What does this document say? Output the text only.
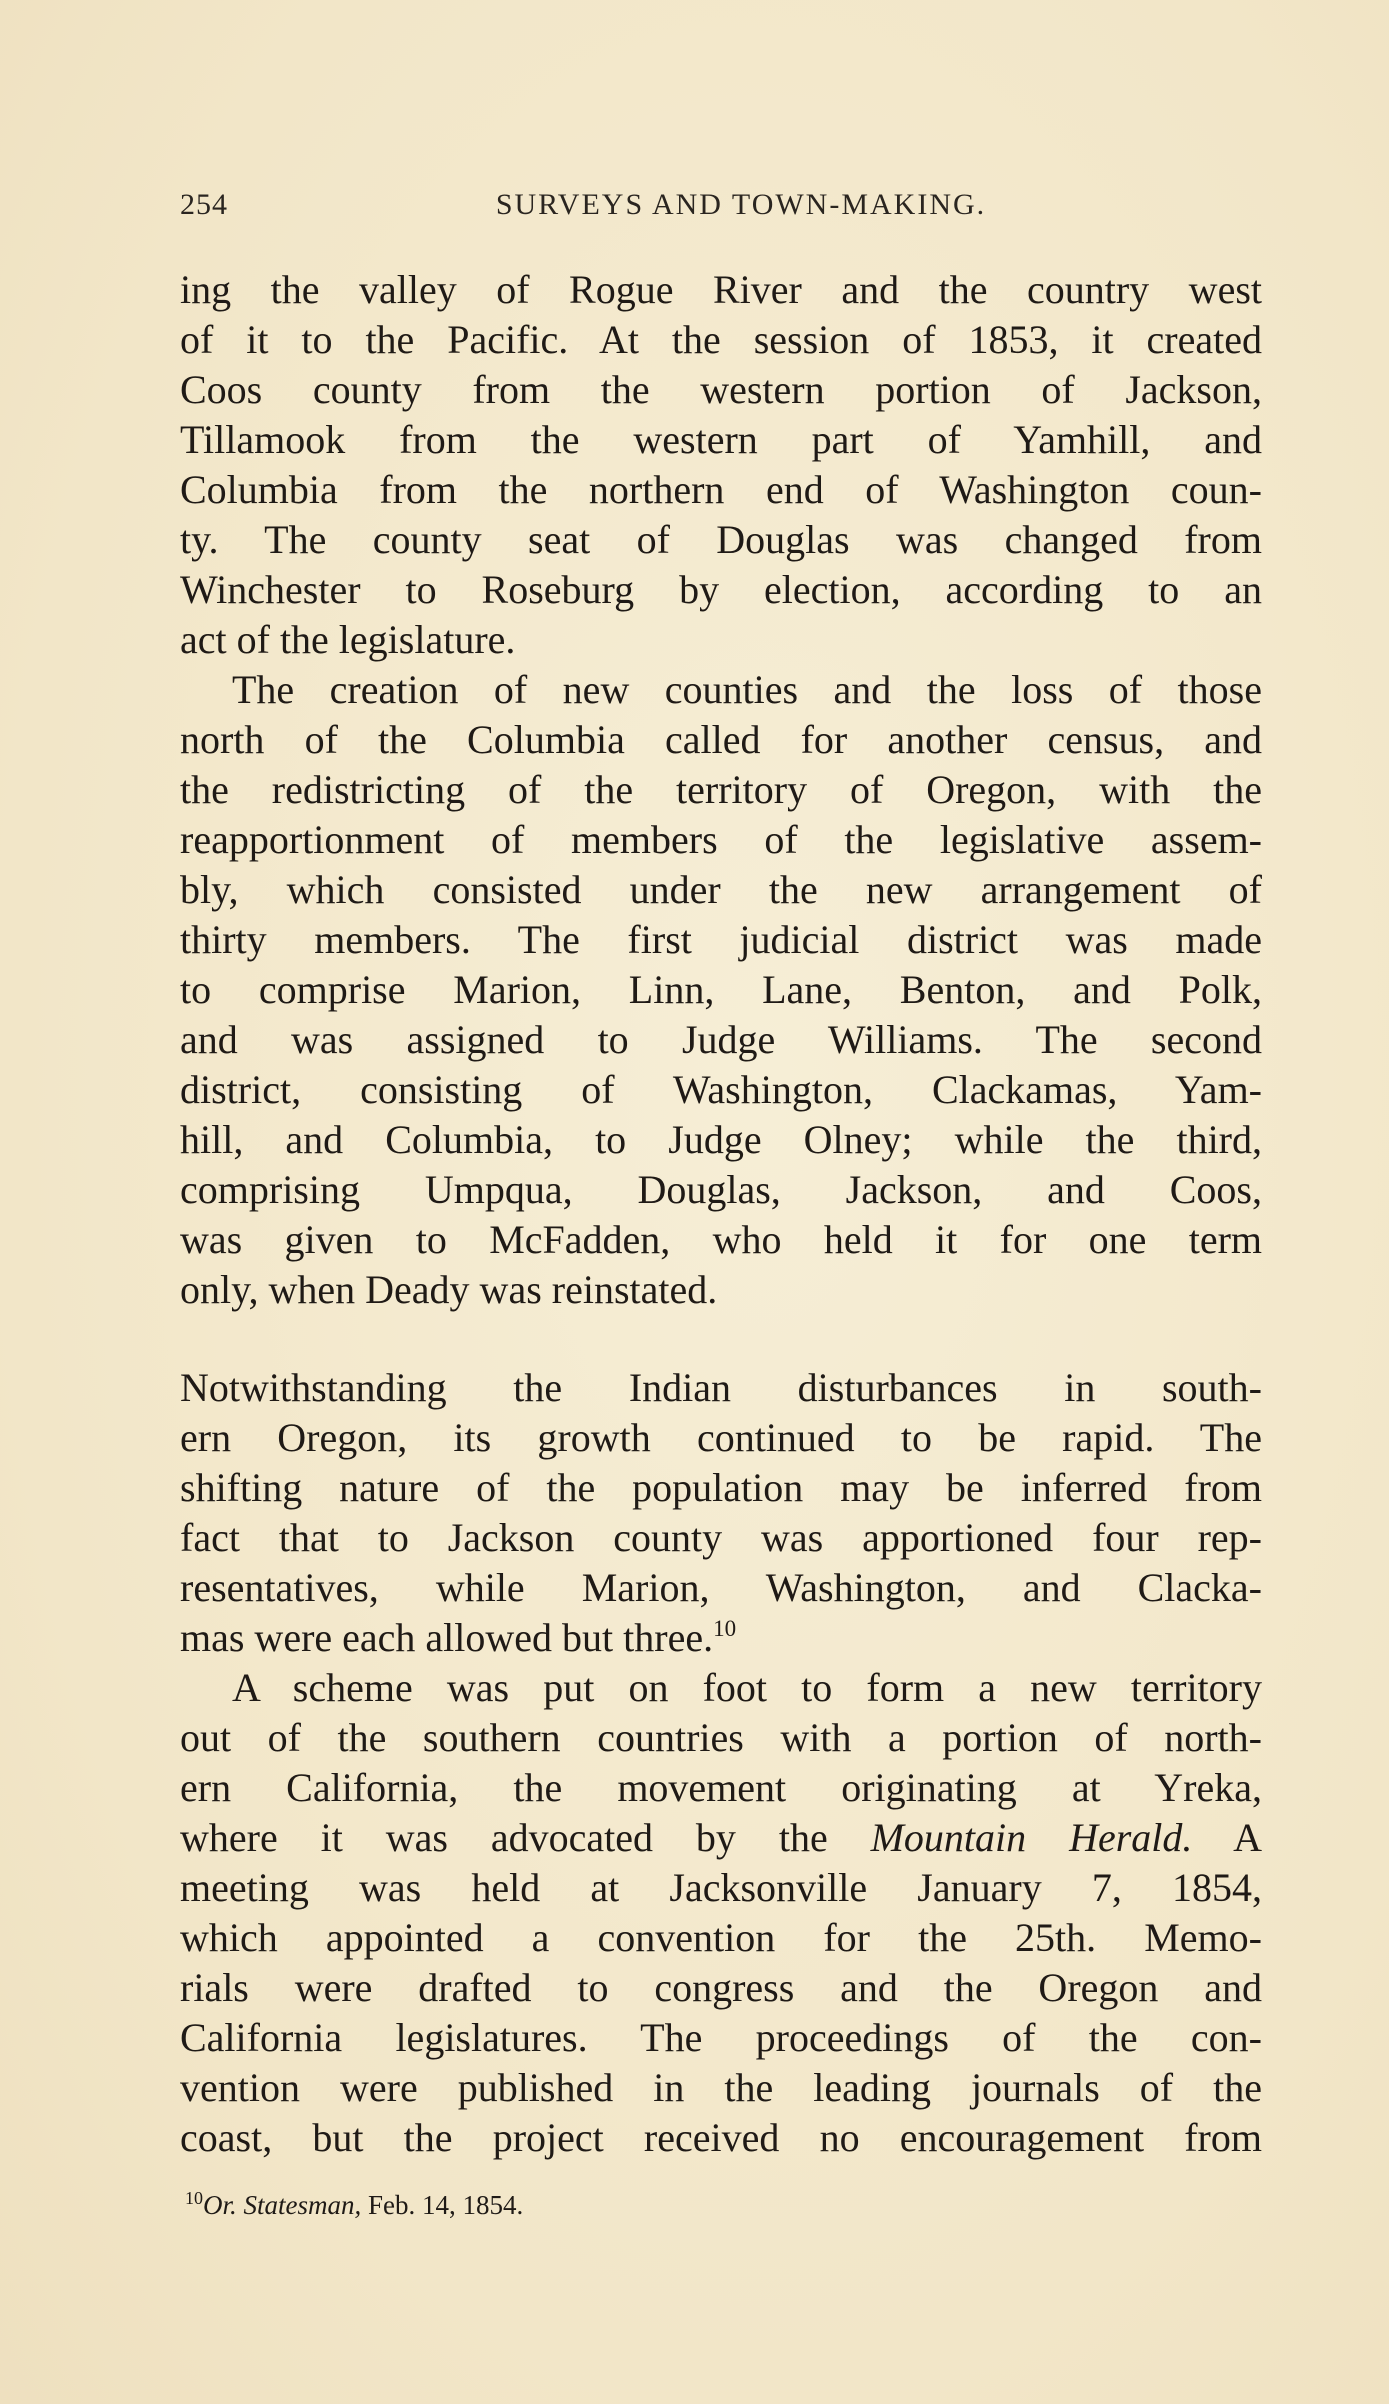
254	SURVEYS AND TOWN-MAKING.
ing the valley of Rogue River and the country west
of it to the Pacific. At the session of 1853, it created
Coos county from the western portion of Jackson,
Tillamook from the western part of Yamhill, and
Columbia from the northern end of Washington coun-
ty. The county seat of Douglas was changed from
Winchester to Roseburg by election, according to an
act of the legislature.
The creation of new counties and the loss of those
north of the Columbia called for another census, and
the redistricting of the territory of Oregon, with the
reapportionment of members of the legislative assem-
bly, which consisted under the new arrangement of
thirty members. The first judicial district was made
to comprise Marion, Linn, Lane, Benton, and Polk,
and was assigned to Judge Williams. The second
district, consisting of Washington, Clackamas, Yam-
hill, and Columbia, to Judge Olney; while the third,
comprising Umpqua, Douglas, Jackson, and Coos,
was given to McFadden, who held it for one term
only, when Deady was reinstated.
Notwithstanding the Indian disturbances in south-
ern Oregon, its growth continued to be rapid. The
shifting nature of the population may be inferred from
fact that to Jackson county was apportioned four rep-
resentatives, while Marion, Washington, and Clacka-
mas were each allowed but three.$^{10}$
A scheme was put on foot to form a new territory
out of the southern countries with a portion of north-
ern California, the movement originating at Yreka,
where it was advocated by the Mountain Herald. A
meeting was held at Jacksonville January 7, 1854,
which appointed a convention for the 25th. Memo-
rials were drafted to congress and the Oregon and
California legislatures. The proceedings of the con-
vention were published in the leading journals of the
coast, but the project received no encouragement from
$^{10}$Or. Statesman, Feb. 14, 1854.
